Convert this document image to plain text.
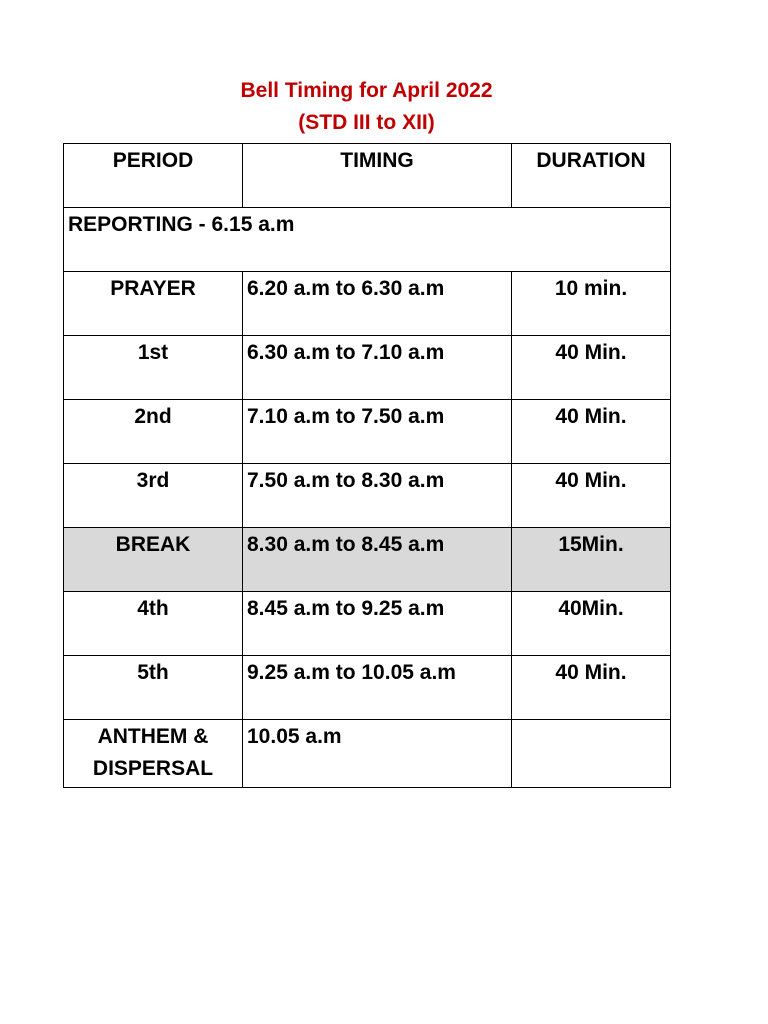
Bell Timing for April 2022
(STD III to XII)
PERIOD	TIMING	DURATION
REPORTING - 6.15 a.m		
PRAYER	6.20 a.m to 6.30 a.m	10 min.
1st	6.30 a.m to 7.10 a.m	40 Min.
2nd	7.10 a.m to 7.50 a.m	40 Min.
3rd	7.50 a.m to 8.30 a.m	40 Min.
BREAK	8.30 a.m to 8.45 a.m	15Min.
4th	8.45 a.m to 9.25 a.m	40Min.
5th	9.25 a.m to 10.05 a.m	40 Min.

ANTHEM &
DISPERSAL	10.05 a.m	
